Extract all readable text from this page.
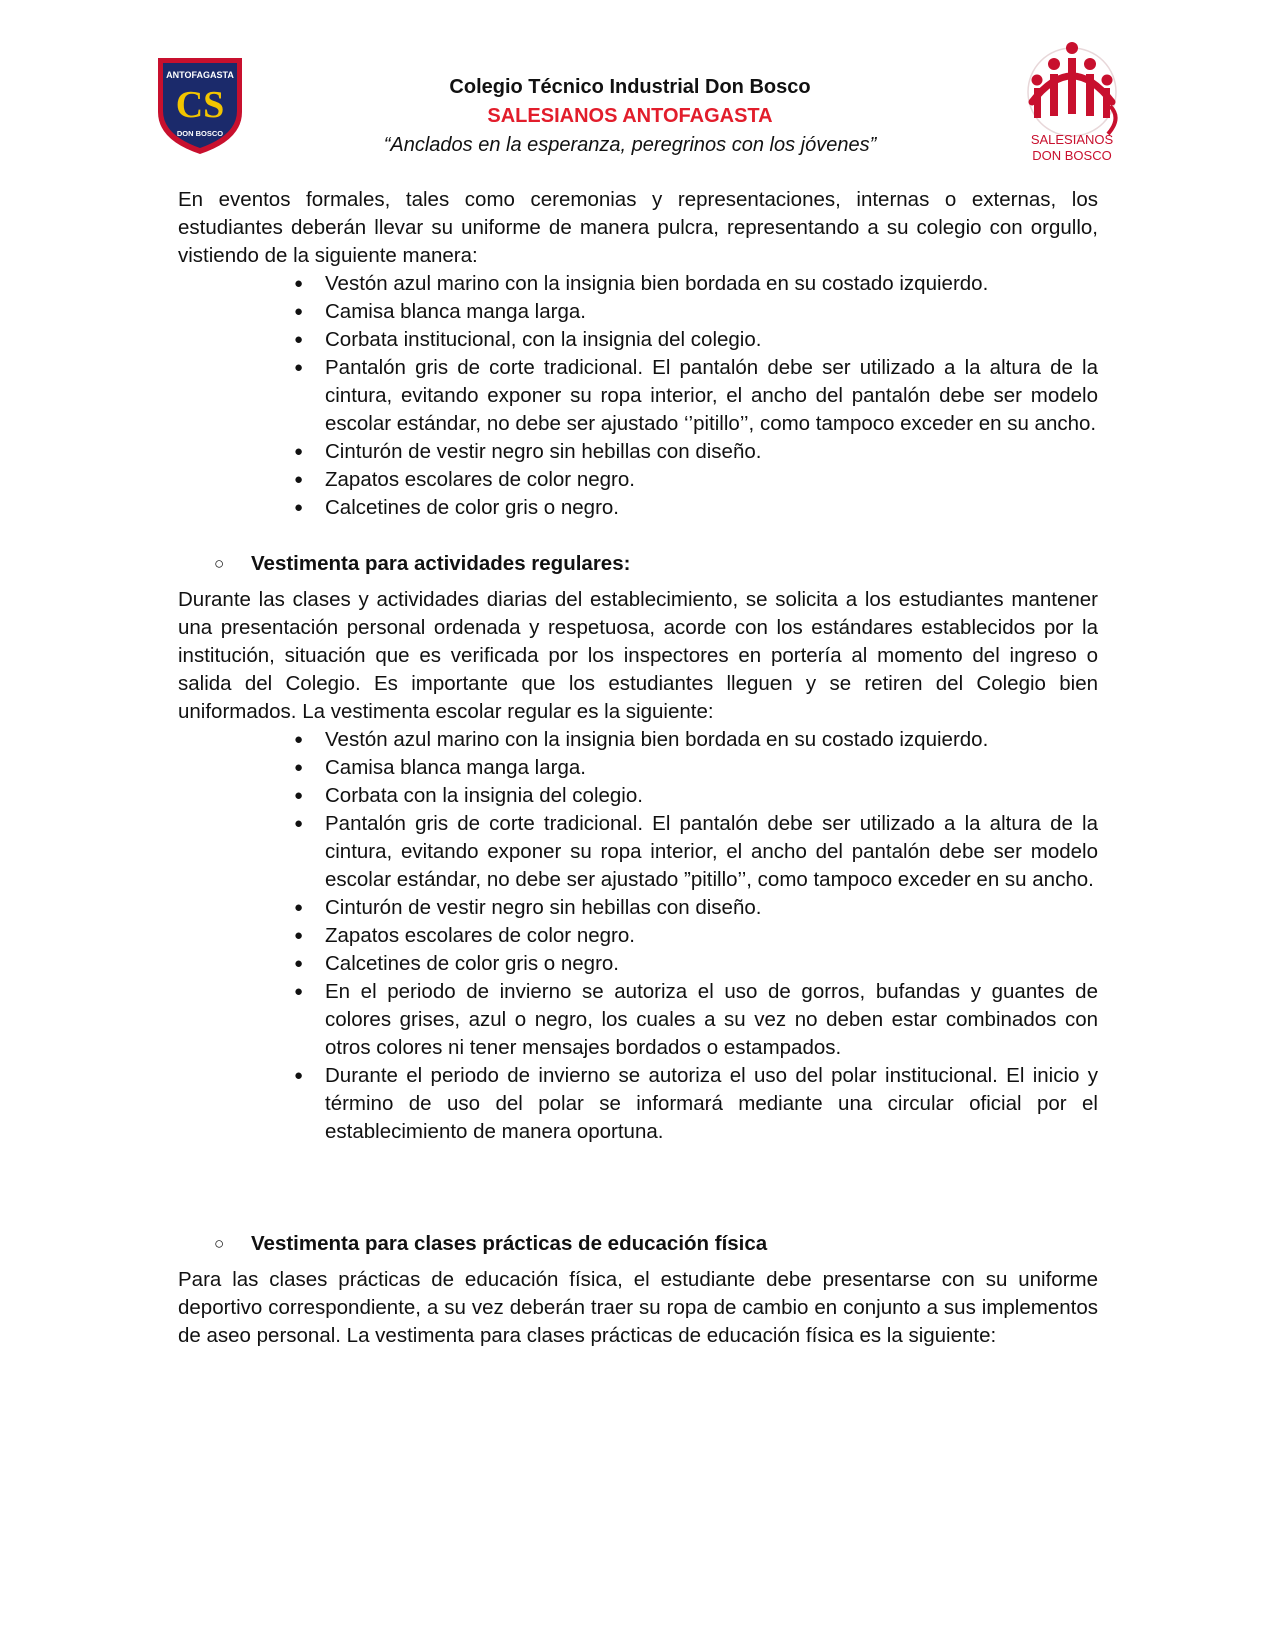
ANTOFAGASTA
CS
DON BOSCO
Colegio Técnico Industrial Don Bosco
SALESIANOS ANTOFAGASTA
“Anclados en la esperanza, peregrinos con los jóvenes”	SALESIANOS
DON BOSCO

En eventos formales, tales como ceremonias y representaciones, internas o externas, los estudiantes deberán llevar su uniforme de manera pulcra, representando a su colegio con orgullo, vistiendo de la siguiente manera:

● Vestón azul marino con la insignia bien bordada en su costado izquierdo.
● Camisa blanca manga larga.
● Corbata institucional, con la insignia del colegio.
● Pantalón gris de corte tradicional. El pantalón debe ser utilizado a la altura de la cintura, evitando exponer su ropa interior, el ancho del pantalón debe ser modelo escolar estándar, no debe ser ajustado ‘’pitillo’’, como tampoco exceder en su ancho.
● Cinturón de vestir negro sin hebillas con diseño.
● Zapatos escolares de color negro.
● Calcetines de color gris o negro.

○ Vestimenta para actividades regulares:

Durante las clases y actividades diarias del establecimiento, se solicita a los estudiantes mantener una presentación personal ordenada y respetuosa, acorde con los estándares establecidos por la institución, situación que es verificada por los inspectores en portería al momento del ingreso o salida del Colegio. Es importante que los estudiantes lleguen y se retiren del Colegio bien uniformados. La vestimenta escolar regular es la siguiente:

● Vestón azul marino con la insignia bien bordada en su costado izquierdo.
● Camisa blanca manga larga.
● Corbata con la insignia del colegio.
● Pantalón gris de corte tradicional. El pantalón debe ser utilizado a la altura de la cintura, evitando exponer su ropa interior, el ancho del pantalón debe ser modelo escolar estándar, no debe ser ajustado ”pitillo’’, como tampoco exceder en su ancho.
● Cinturón de vestir negro sin hebillas con diseño.
● Zapatos escolares de color negro.
● Calcetines de color gris o negro.
● En el periodo de invierno se autoriza el uso de gorros, bufandas y guantes de colores grises, azul o negro, los cuales a su vez no deben estar combinados con otros colores ni tener mensajes bordados o estampados.
● Durante el periodo de invierno se autoriza el uso del polar institucional. El inicio y término de uso del polar se informará mediante una circular oficial por el establecimiento de manera oportuna.

○ Vestimenta para clases prácticas de educación física

Para las clases prácticas de educación física, el estudiante debe presentarse con su uniforme deportivo correspondiente, a su vez deberán traer su ropa de cambio en conjunto a sus implementos de aseo personal. La vestimenta para clases prácticas de educación física es la siguiente:
